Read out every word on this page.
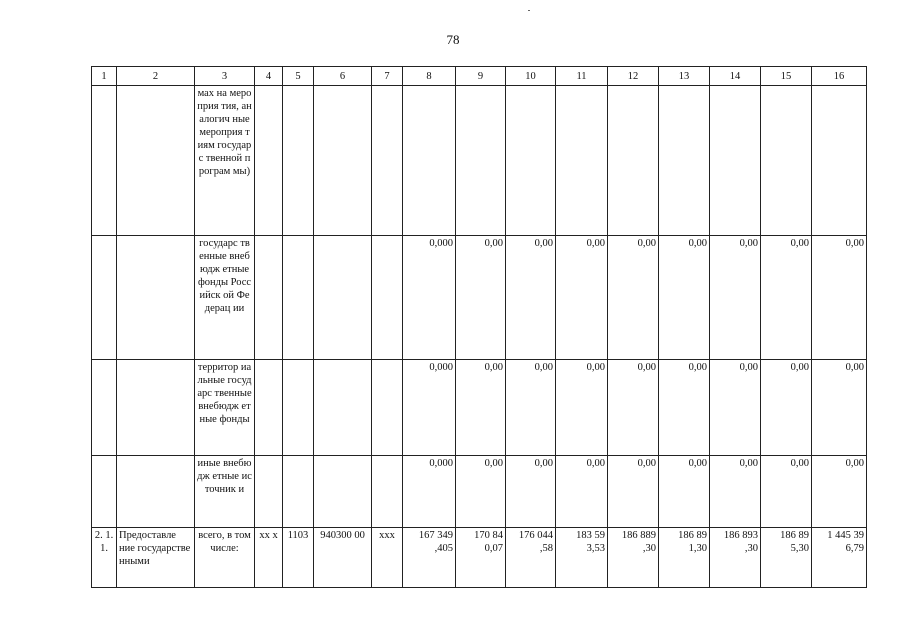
78
1	2	3	4	5	6	7	8	9	10	11	12	13	14	15	16
		мах на мероприя тия, аналогич ные мероприя тиям государс твенной програм мы)													
		государс твенные внебюдж етные фонды Российск ой Федерац ии					0,000	0,00	0,00	0,00	0,00	0,00	0,00	0,00	0,00
		территор иальные государс твенные внебюдж етные фонды					0,000	0,00	0,00	0,00	0,00	0,00	0,00	0,00	0,00
		иные внебюдж етные источник и					0,000	0,00	0,00	0,00	0,00	0,00	0,00	0,00	0,00
2. 1. 1.	Предоставле ние государстве нными	всего, в том числе:	хх х	1103	940300 00	ххх	167 349 ,405	170 84 0,07	176 044 ,58	183 59 3,53	186 889 ,30	186 89 1,30	186 893 ,30	186 89 5,30	1 445 39 6,79
